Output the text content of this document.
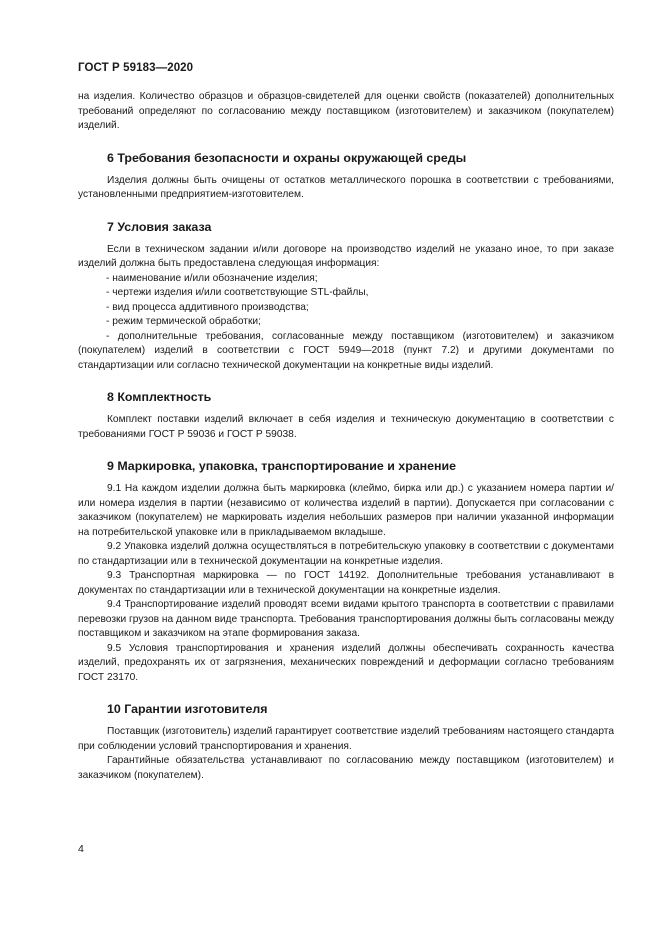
ГОСТ Р 59183—2020

на изделия. Количество образцов и образцов-свидетелей для оценки свойств (показателей) дополнительных требований определяют по согласованию между поставщиком (изготовителем) и заказчиком (покупателем) изделий.

6 Требования безопасности и охраны окружающей среды

Изделия должны быть очищены от остатков металлического порошка в соответствии с требованиями, установленными предприятием-изготовителем.

7 Условия заказа

Если в техническом задании и/или договоре на производство изделий не указано иное, то при заказе изделий должна быть предоставлена следующая информация:

- наименование и/или обозначение изделия;

- чертежи изделия и/или соответствующие STL-файлы,

- вид процесса аддитивного производства;

- режим термической обработки;

- дополнительные требования, согласованные между поставщиком (изготовителем) и заказчиком (покупателем) изделий в соответствии с ГОСТ 5949—2018 (пункт 7.2) и другими документами по стандартизации или согласно технической документации на конкретные виды изделий.

8 Комплектность

Комплект поставки изделий включает в себя изделия и техническую документацию в соответствии с требованиями ГОСТ Р 59036 и ГОСТ Р 59038.

9 Маркировка, упаковка, транспортирование и хранение

9.1 На каждом изделии должна быть маркировка (клеймо, бирка или др.) с указанием номера партии и/или номера изделия в партии (независимо от количества изделий в партии). Допускается при согласовании с заказчиком (покупателем) не маркировать изделия небольших размеров при наличии указанной информации на потребительской упаковке или в прикладываемом вкладыше.

9.2 Упаковка изделий должна осуществляться в потребительскую упаковку в соответствии с документами по стандартизации или в технической документации на конкретные изделия.

9.3 Транспортная маркировка — по ГОСТ 14192. Дополнительные требования устанавливают в документах по стандартизации или в технической документации на конкретные изделия.

9.4 Транспортирование изделий проводят всеми видами крытого транспорта в соответствии с правилами перевозки грузов на данном виде транспорта. Требования транспортирования должны быть согласованы между поставщиком и заказчиком на этапе формирования заказа.

9.5 Условия транспортирования и хранения изделий должны обеспечивать сохранность качества изделий, предохранять их от загрязнения, механических повреждений и деформации согласно требованиям ГОСТ 23170.

10 Гарантии изготовителя

Поставщик (изготовитель) изделий гарантирует соответствие изделий требованиям настоящего стандарта при соблюдении условий транспортирования и хранения.

Гарантийные обязательства устанавливают по согласованию между поставщиком (изготовителем) и заказчиком (покупателем).

4
